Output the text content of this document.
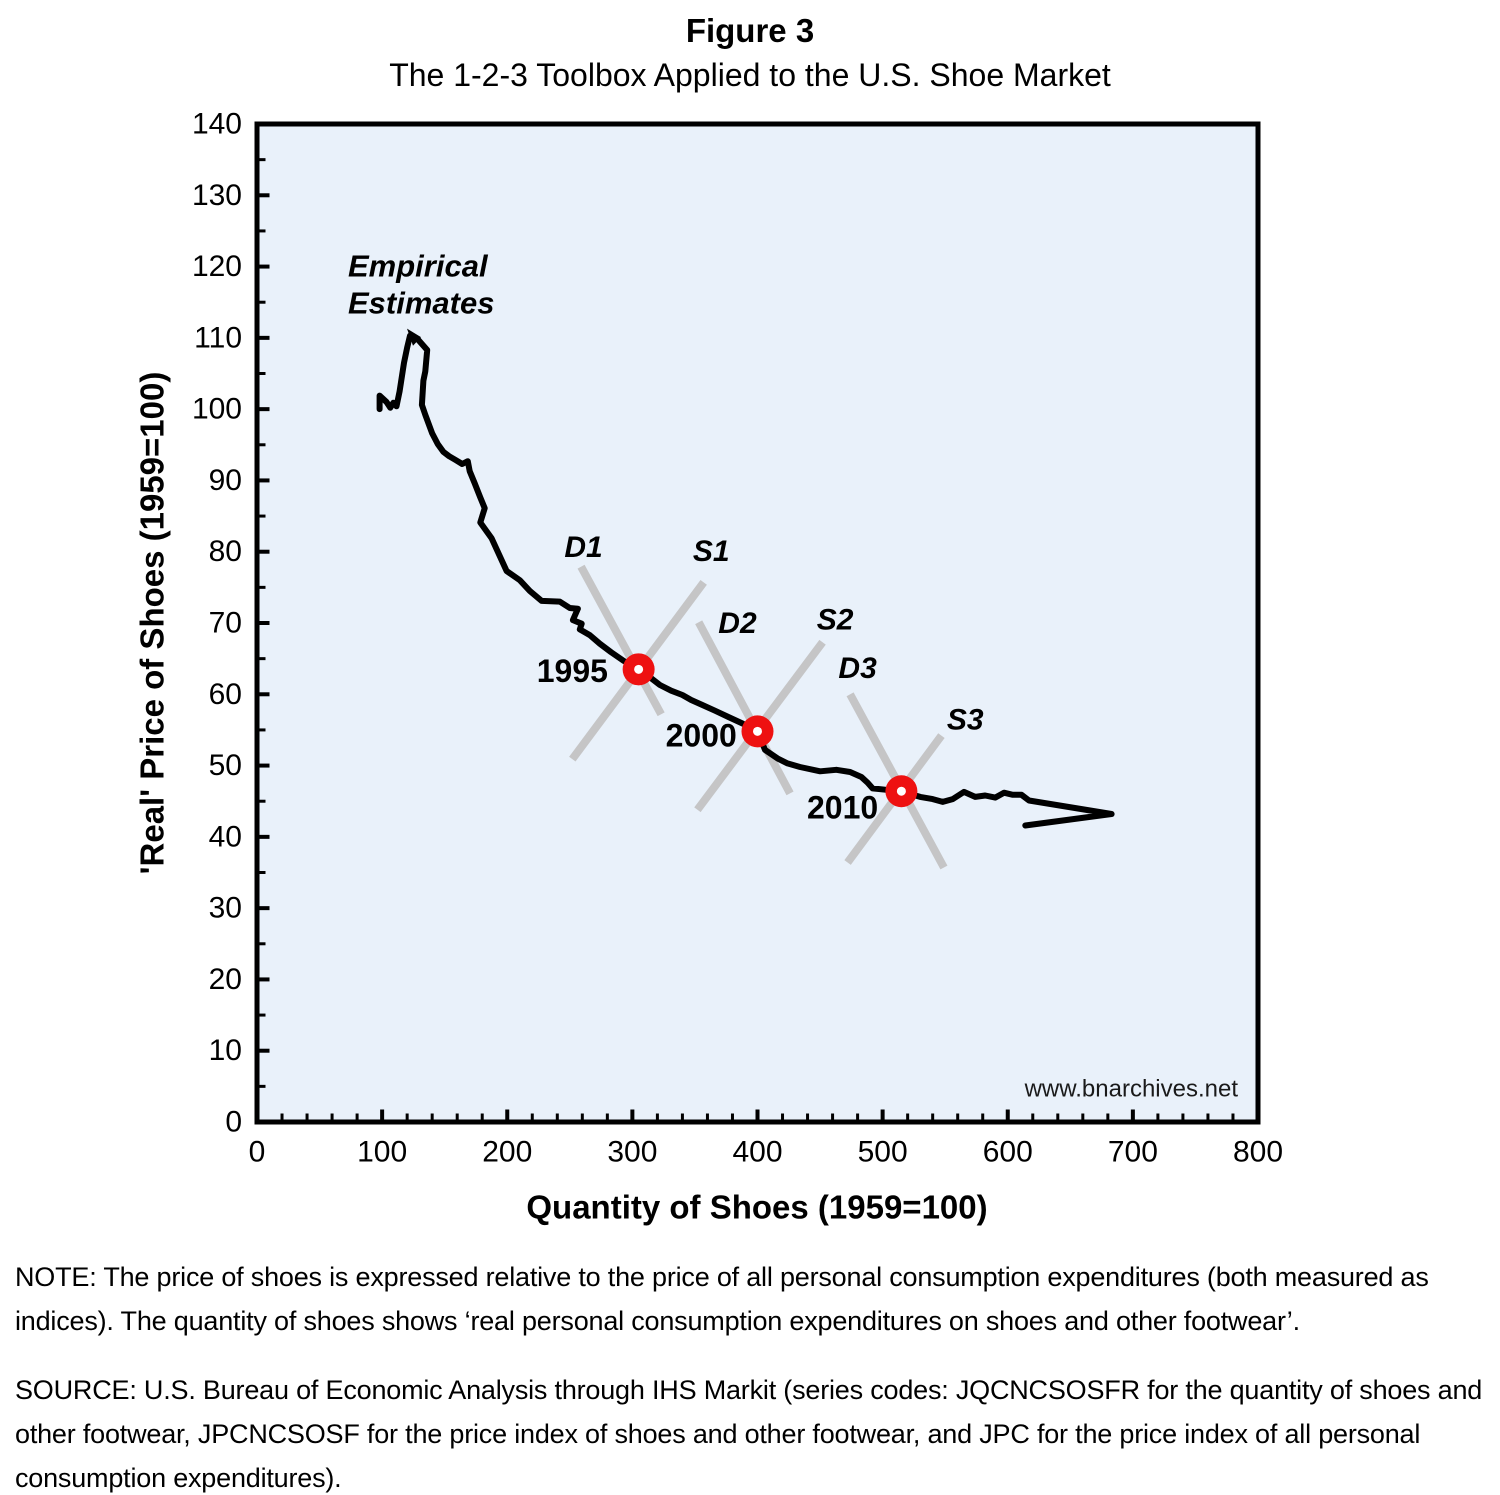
Figure 3
The 1-2-3 Toolbox Applied to the U.S. Shoe Market
0	100	200	300	400	500	600	700	800
0
10
20
30
40
50
60
70
80
90
100
110
120
130
140
D1	S1
D2 S2
D3
S3
1995
2000
2010
Empirical
Estimates
www.bnarchives.net
Quantity of Shoes (1959=100)
'Real' Price of Shoes (1959=100)

NOTE: The price of shoes is expressed relative to the price of all personal consumption expenditures (both measured as indices). The quantity of shoes shows ‘real personal consumption expenditures on shoes and other footwear’.

SOURCE: U.S. Bureau of Economic Analysis through IHS Markit (series codes: JQCNCSOSFR for the quantity of shoes and other footwear, JPCNCSOSF for the price index of shoes and other footwear, and JPC for the price index of all personal consumption expenditures).
